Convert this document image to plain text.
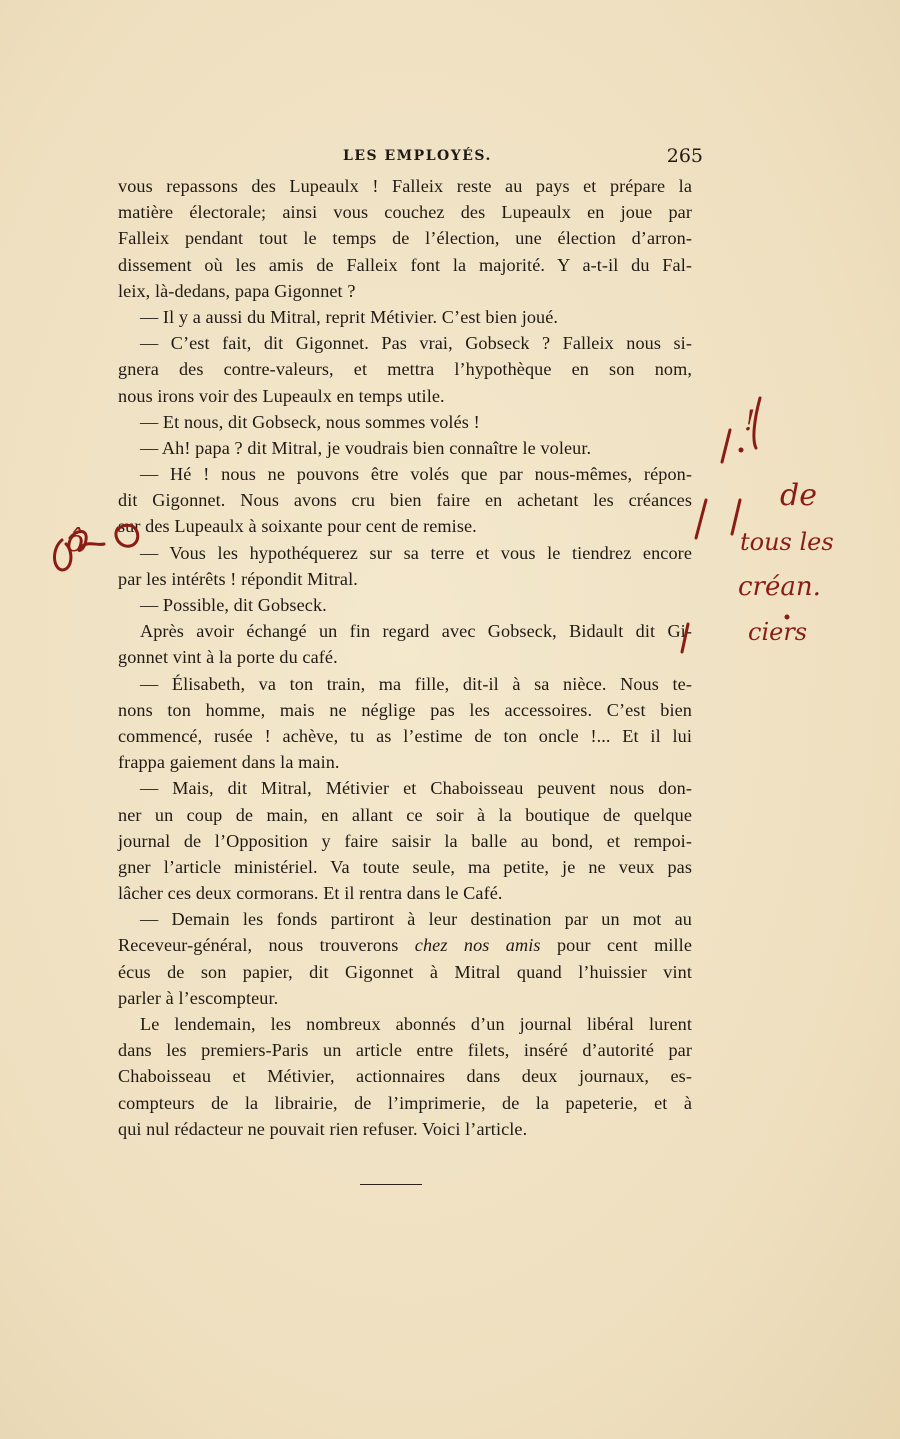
LES EMPLOYÉS.	265
vous repassons des Lupeaulx ! Falleix reste au pays et prépare la
matière électorale; ainsi vous couchez des Lupeaulx en joue par
Falleix pendant tout le temps de l’élection, une élection d’arron-
dissement où les amis de Falleix font la majorité. Y a-t-il du Fal-
leix, là-dedans, papa Gigonnet ?
— Il y a aussi du Mitral, reprit Métivier. C’est bien joué.
— C’est fait, dit Gigonnet. Pas vrai, Gobseck ? Falleix nous si-
gnera des contre-valeurs, et mettra l’hypothèque en son nom,
nous irons voir des Lupeaulx en temps utile.
— Et nous, dit Gobseck, nous sommes volés !
— Ah! papa ? dit Mitral, je voudrais bien connaître le voleur.
— Hé ! nous ne pouvons être volés que par nous-mêmes, répon-
dit Gigonnet. Nous avons cru bien faire en achetant les créances
sur des Lupeaulx à soixante pour cent de remise.
— Vous les hypothéquerez sur sa terre et vous le tiendrez encore
par les intérêts ! répondit Mitral.
— Possible, dit Gobseck.
Après avoir échangé un fin regard avec Gobseck, Bidault dit Gi-
gonnet vint à la porte du café.
— Élisabeth, va ton train, ma fille, dit-il à sa nièce. Nous te-
nons ton homme, mais ne néglige pas les accessoires. C’est bien
commencé, rusée ! achève, tu as l’estime de ton oncle !... Et il lui
frappa gaiement dans la main.
— Mais, dit Mitral, Métivier et Chaboisseau peuvent nous don-
ner un coup de main, en allant ce soir à la boutique de quelque
journal de l’Opposition y faire saisir la balle au bond, et rempoi-
gner l’article ministériel. Va toute seule, ma petite, je ne veux pas
lâcher ces deux cormorans. Et il rentra dans le Café.
— Demain les fonds partiront à leur destination par un mot au
Receveur-général, nous trouverons chez nos amis pour cent mille
écus de son papier, dit Gigonnet à Mitral quand l’huissier vint
parler à l’escompteur.
Le lendemain, les nombreux abonnés d’un journal libéral lurent
dans les premiers-Paris un article entre filets, inséré d’autorité par
Chaboisseau et Métivier, actionnaires dans deux journaux, es-
compteurs de la librairie, de l’imprimerie, de la papeterie, et à
qui nul rédacteur ne pouvait rien refuser. Voici l’article.
de
tous les
créan.
ciers
ô
!
